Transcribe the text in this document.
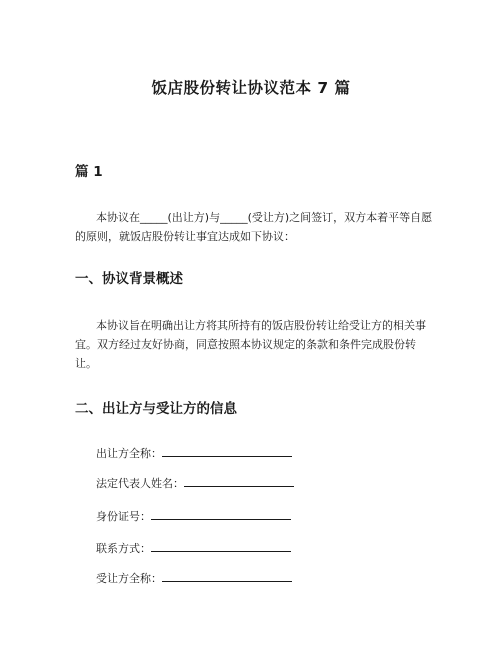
饭店股份转让协议范本 7 篇
篇 1

本协议在_____(出让方)与_____(受让方)之间签订，双方本着平等自愿的原则，就饭店股份转让事宜达成如下协议：

一、协议背景概述

本协议旨在明确出让方将其所持有的饭店股份转让给受让方的相关事宜。双方经过友好协商，同意按照本协议规定的条款和条件完成股份转让。

二、出让方与受让方的信息
出让方全称：
法定代表人姓名：
身份证号：
联系方式：
受让方全称：
